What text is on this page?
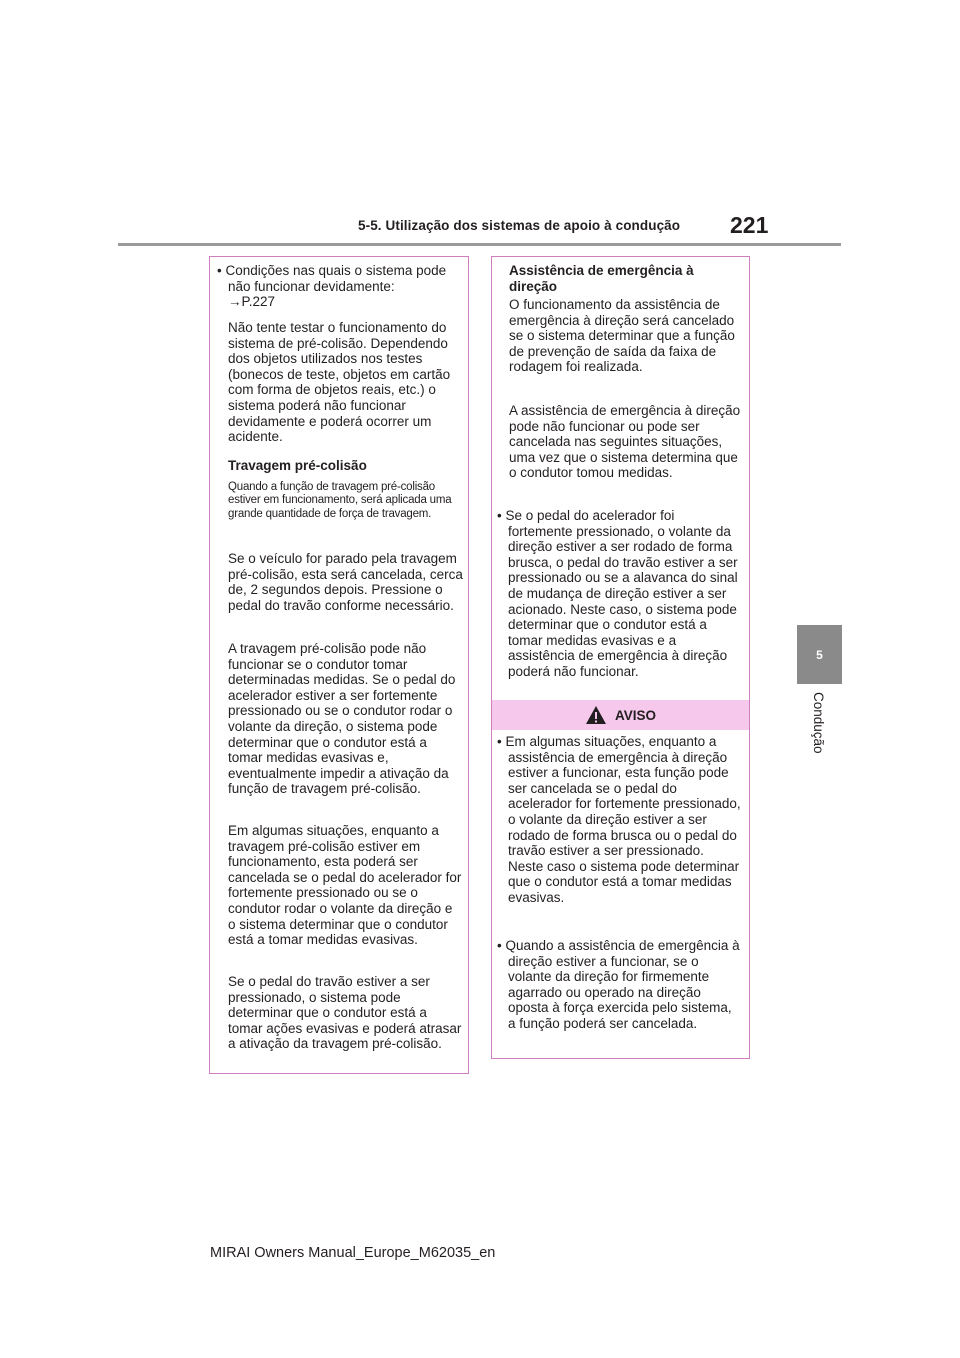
5-5. Utilização dos sistemas de apoio à condução 221
5
Condução

• Condições nas quais o sistema pode não funcionar devidamente:

→P.227

Não tente testar o funcionamento do sistema de pré-colisão. Dependendo dos objetos utilizados nos testes (bonecos de teste, objetos em cartão com forma de objetos reais, etc.) o sistema poderá não funcionar devidamente e poderá ocorrer um acidente.

Travagem pré-colisão

Quando a função de travagem pré-colisão estiver em funcionamento, será aplicada uma grande quantidade de força de travagem.

Se o veículo for parado pela travagem pré-colisão, esta será cancelada, cerca de, 2 segundos depois. Pressione o pedal do travão conforme necessário.

A travagem pré-colisão pode não funcionar se o condutor tomar determinadas medidas. Se o pedal do acelerador estiver a ser fortemente pressionado ou se o condutor rodar o volante da direção, o sistema pode determinar que o condutor está a tomar medidas evasivas e, eventualmente impedir a ativação da função de travagem pré-colisão.

Em algumas situações, enquanto a travagem pré-colisão estiver em funcionamento, esta poderá ser cancelada se o pedal do acelerador for fortemente pressionado ou se o condutor rodar o volante da direção e o sistema determinar que o condutor está a tomar medidas evasivas.

Se o pedal do travão estiver a ser pressionado, o sistema pode determinar que o condutor está a tomar ações evasivas e poderá atrasar a ativação da travagem pré-colisão.

Assistência de emergência à direção

O funcionamento da assistência de emergência à direção será cancelado se o sistema determinar que a função de prevenção de saída da faixa de rodagem foi realizada.

A assistência de emergência à direção pode não funcionar ou pode ser cancelada nas seguintes situações, uma vez que o sistema determina que o condutor tomou medidas.

• Se o pedal do acelerador foi fortemente pressionado, o volante da direção estiver a ser rodado de forma brusca, o pedal do travão estiver a ser pressionado ou se a alavanca do sinal de mudança de direção estiver a ser acionado. Neste caso, o sistema pode determinar que o condutor está a tomar medidas evasivas e a assistência de emergência à direção poderá não funcionar.

AVISO

• Em algumas situações, enquanto a assistência de emergência à direção estiver a funcionar, esta função pode ser cancelada se o pedal do acelerador for fortemente pressionado, o volante da direção estiver a ser rodado de forma brusca ou o pedal do travão estiver a ser pressionado. Neste caso o sistema pode determinar que o condutor está a tomar medidas evasivas.

• Quando a assistência de emergência à direção estiver a funcionar, se o volante da direção for firmemente agarrado ou operado na direção oposta à força exercida pelo sistema, a função poderá ser cancelada.

MIRAI Owners Manual_Europe_M62035_en
